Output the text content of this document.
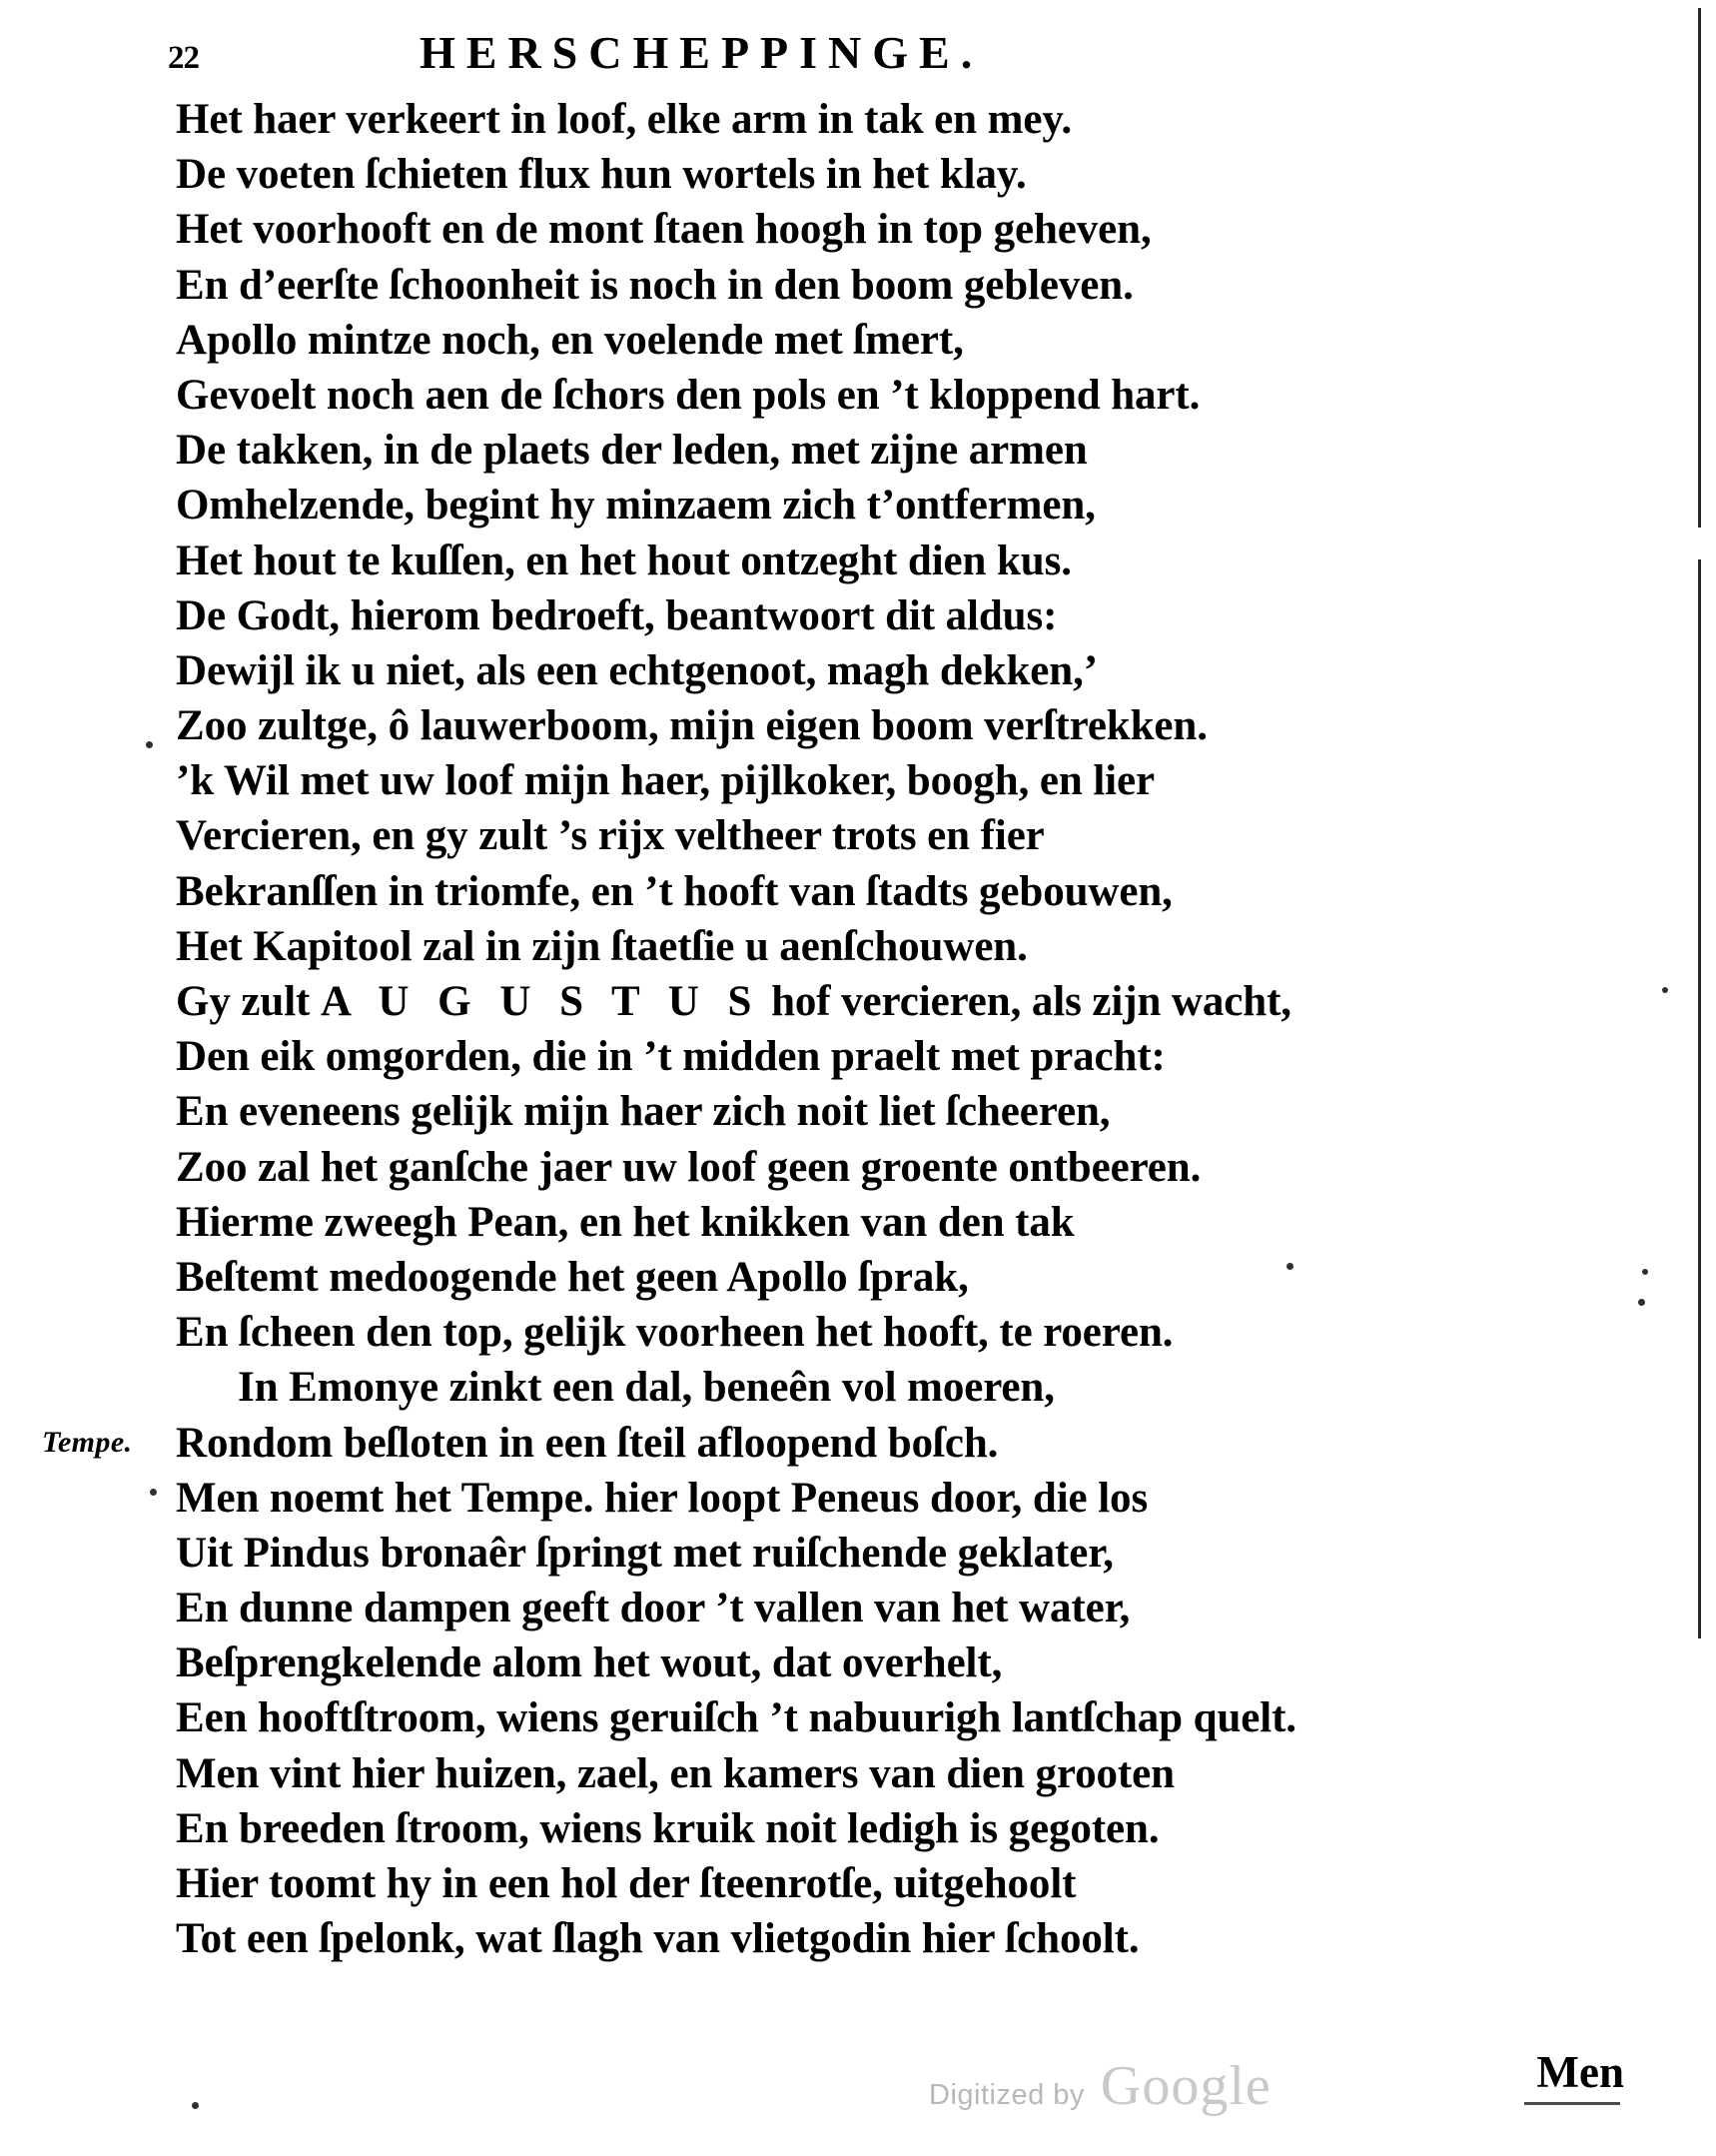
22	HERSCHEPPINGE.
Het haer verkeert in loof, elke arm in tak en mey.
De voeten ſchieten flux hun wortels in het klay.
Het voorhooft en de mont ſtaen hoogh in top geheven,
En d’eerſte ſchoonheit is noch in den boom gebleven.
Apollo mintze noch, en voelende met ſmert,
Gevoelt noch aen de ſchors den pols en ’t kloppend hart.
De takken, in de plaets der leden, met zijne armen
Omhelzende, begint hy minzaem zich t’ontfermen,
Het hout te kuſſen, en het hout ontzeght dien kus.
De Godt, hierom bedroeft, beantwoort dit aldus:
Dewijl ik u niet, als een echtgenoot, magh dekken,’
Zoo zultge, ô lauwerboom, mijn eigen boom verſtrekken.
’k Wil met uw loof mijn haer, pijlkoker, boogh, en lier
Vercieren, en gy zult ’s rijx veltheer trots en fier
Bekranſſen in triomfe, en ’t hooft van ſtadts gebouwen,
Het Kapitool zal in zijn ſtaetſie u aenſchouwen.
Gy zult A U G U S T U S hof vercieren, als zijn wacht,
Den eik omgorden, die in ’t midden praelt met pracht:
En eveneens gelijk mijn haer zich noit liet ſcheeren,
Zoo zal het ganſche jaer uw loof geen groente ontbeeren.
Hierme zweegh Pean, en het knikken van den tak
Beſtemt medoogende het geen Apollo ſprak,
En ſcheen den top, gelijk voorheen het hooft, te roeren.
In Emonye zinkt een dal, beneên vol moeren,
Rondom beſloten in een ſteil afloopend boſch.
Men noemt het Tempe. hier loopt Peneus door, die los
Uit Pindus bronaêr ſpringt met ruiſchende geklater,
En dunne dampen geeft door ’t vallen van het water,
Beſprengkelende alom het wout, dat overhelt,
Een hooftſtroom, wiens geruiſch ’t nabuurigh lantſchap quelt.
Men vint hier huizen, zael, en kamers van dien grooten
En breeden ſtroom, wiens kruik noit ledigh is gegoten.
Hier toomt hy in een hol der ſteenrotſe, uitgehoolt
Tot een ſpelonk, wat ſlagh van vlietgodin hier ſchoolt.
Tempe.
Digitized by Google	Men
